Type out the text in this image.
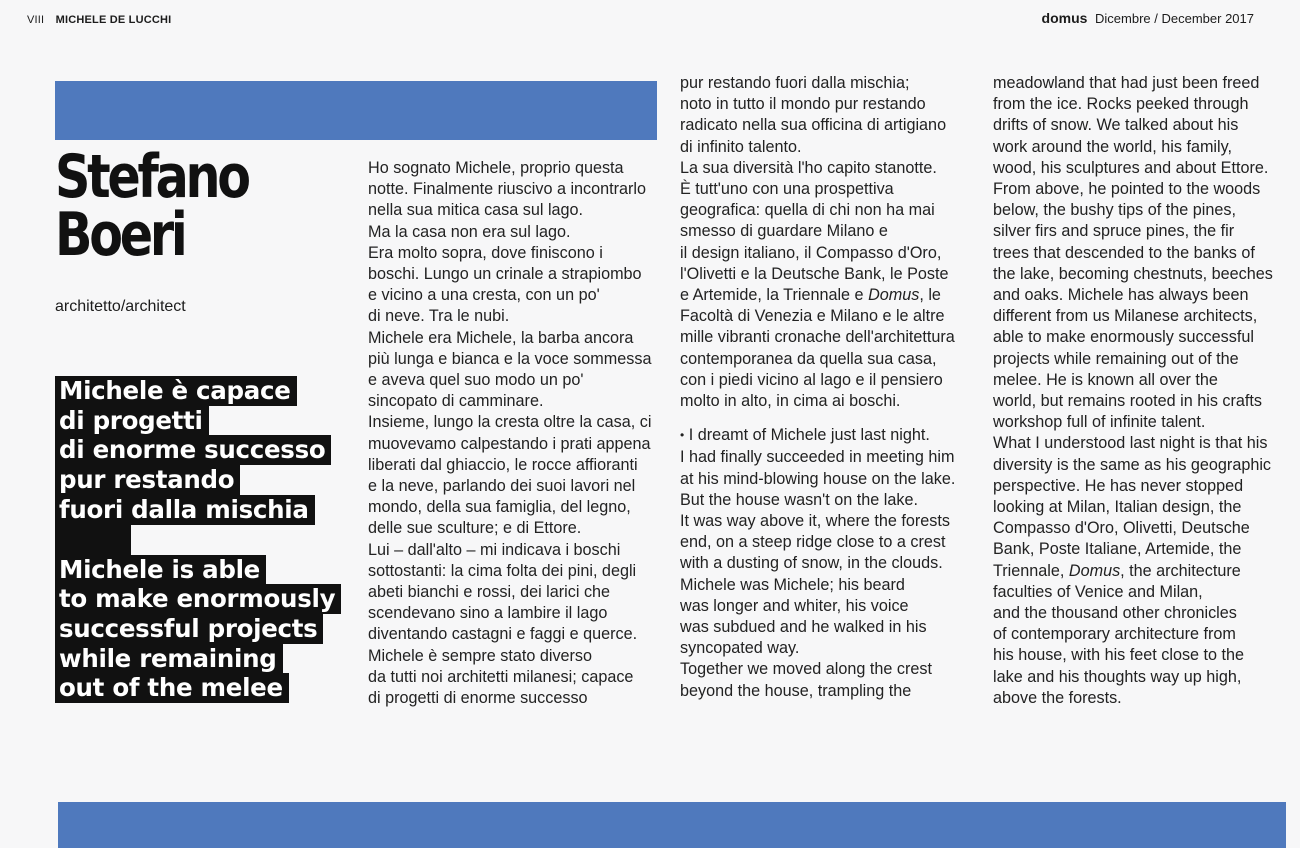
VIII MICHELE DE LUCCHI	domus Dicembre / December 2017
Stefano
Boeri
architetto/architect
Michele è capace
di progetti
di enorme successo
pur restando
fuori dalla mischia
Michele is able
to make enormously
successful projects
while remaining
out of the melee
Ho sognato Michele, proprio questa
notte. Finalmente riuscivo a incontrarlo
nella sua mitica casa sul lago.
Ma la casa non era sul lago.
Era molto sopra, dove finiscono i
boschi. Lungo un crinale a strapiombo
e vicino a una cresta, con un po'
di neve. Tra le nubi.
Michele era Michele, la barba ancora
più lunga e bianca e la voce sommessa
e aveva quel suo modo un po'
sincopato di camminare.
Insieme, lungo la cresta oltre la casa, ci
muovevamo calpestando i prati appena
liberati dal ghiaccio, le rocce affioranti
e la neve, parlando dei suoi lavori nel
mondo, della sua famiglia, del legno,
delle sue sculture; e di Ettore.
Lui – dall'alto – mi indicava i boschi
sottostanti: la cima folta dei pini, degli
abeti bianchi e rossi, dei larici che
scendevano sino a lambire il lago
diventando castagni e faggi e querce.
Michele è sempre stato diverso
da tutti noi architetti milanesi; capace
di progetti di enorme successo
pur restando fuori dalla mischia;
noto in tutto il mondo pur restando
radicato nella sua officina di artigiano
di infinito talento.
La sua diversità l'ho capito stanotte.
È tutt'uno con una prospettiva
geografica: quella di chi non ha mai
smesso di guardare Milano e
il design italiano, il Compasso d'Oro,
l'Olivetti e la Deutsche Bank, le Poste
e Artemide, la Triennale e Domus, le
Facoltà di Venezia e Milano e le altre
mille vibranti cronache dell'architettura
contemporanea da quella sua casa,
con i piedi vicino al lago e il pensiero
molto in alto, in cima ai boschi.
• I dreamt of Michele just last night.
I had finally succeeded in meeting him
at his mind-blowing house on the lake.
But the house wasn't on the lake.
It was way above it, where the forests
end, on a steep ridge close to a crest
with a dusting of snow, in the clouds.
Michele was Michele; his beard
was longer and whiter, his voice
was subdued and he walked in his
syncopated way.
Together we moved along the crest
beyond the house, trampling the
meadowland that had just been freed
from the ice. Rocks peeked through
drifts of snow. We talked about his
work around the world, his family,
wood, his sculptures and about Ettore.
From above, he pointed to the woods
below, the bushy tips of the pines,
silver firs and spruce pines, the fir
trees that descended to the banks of
the lake, becoming chestnuts, beeches
and oaks. Michele has always been
different from us Milanese architects,
able to make enormously successful
projects while remaining out of the
melee. He is known all over the
world, but remains rooted in his crafts
workshop full of infinite talent.
What I understood last night is that his
diversity is the same as his geographic
perspective. He has never stopped
looking at Milan, Italian design, the
Compasso d'Oro, Olivetti, Deutsche
Bank, Poste Italiane, Artemide, the
Triennale, Domus, the architecture
faculties of Venice and Milan,
and the thousand other chronicles
of contemporary architecture from
his house, with his feet close to the
lake and his thoughts way up high,
above the forests.
